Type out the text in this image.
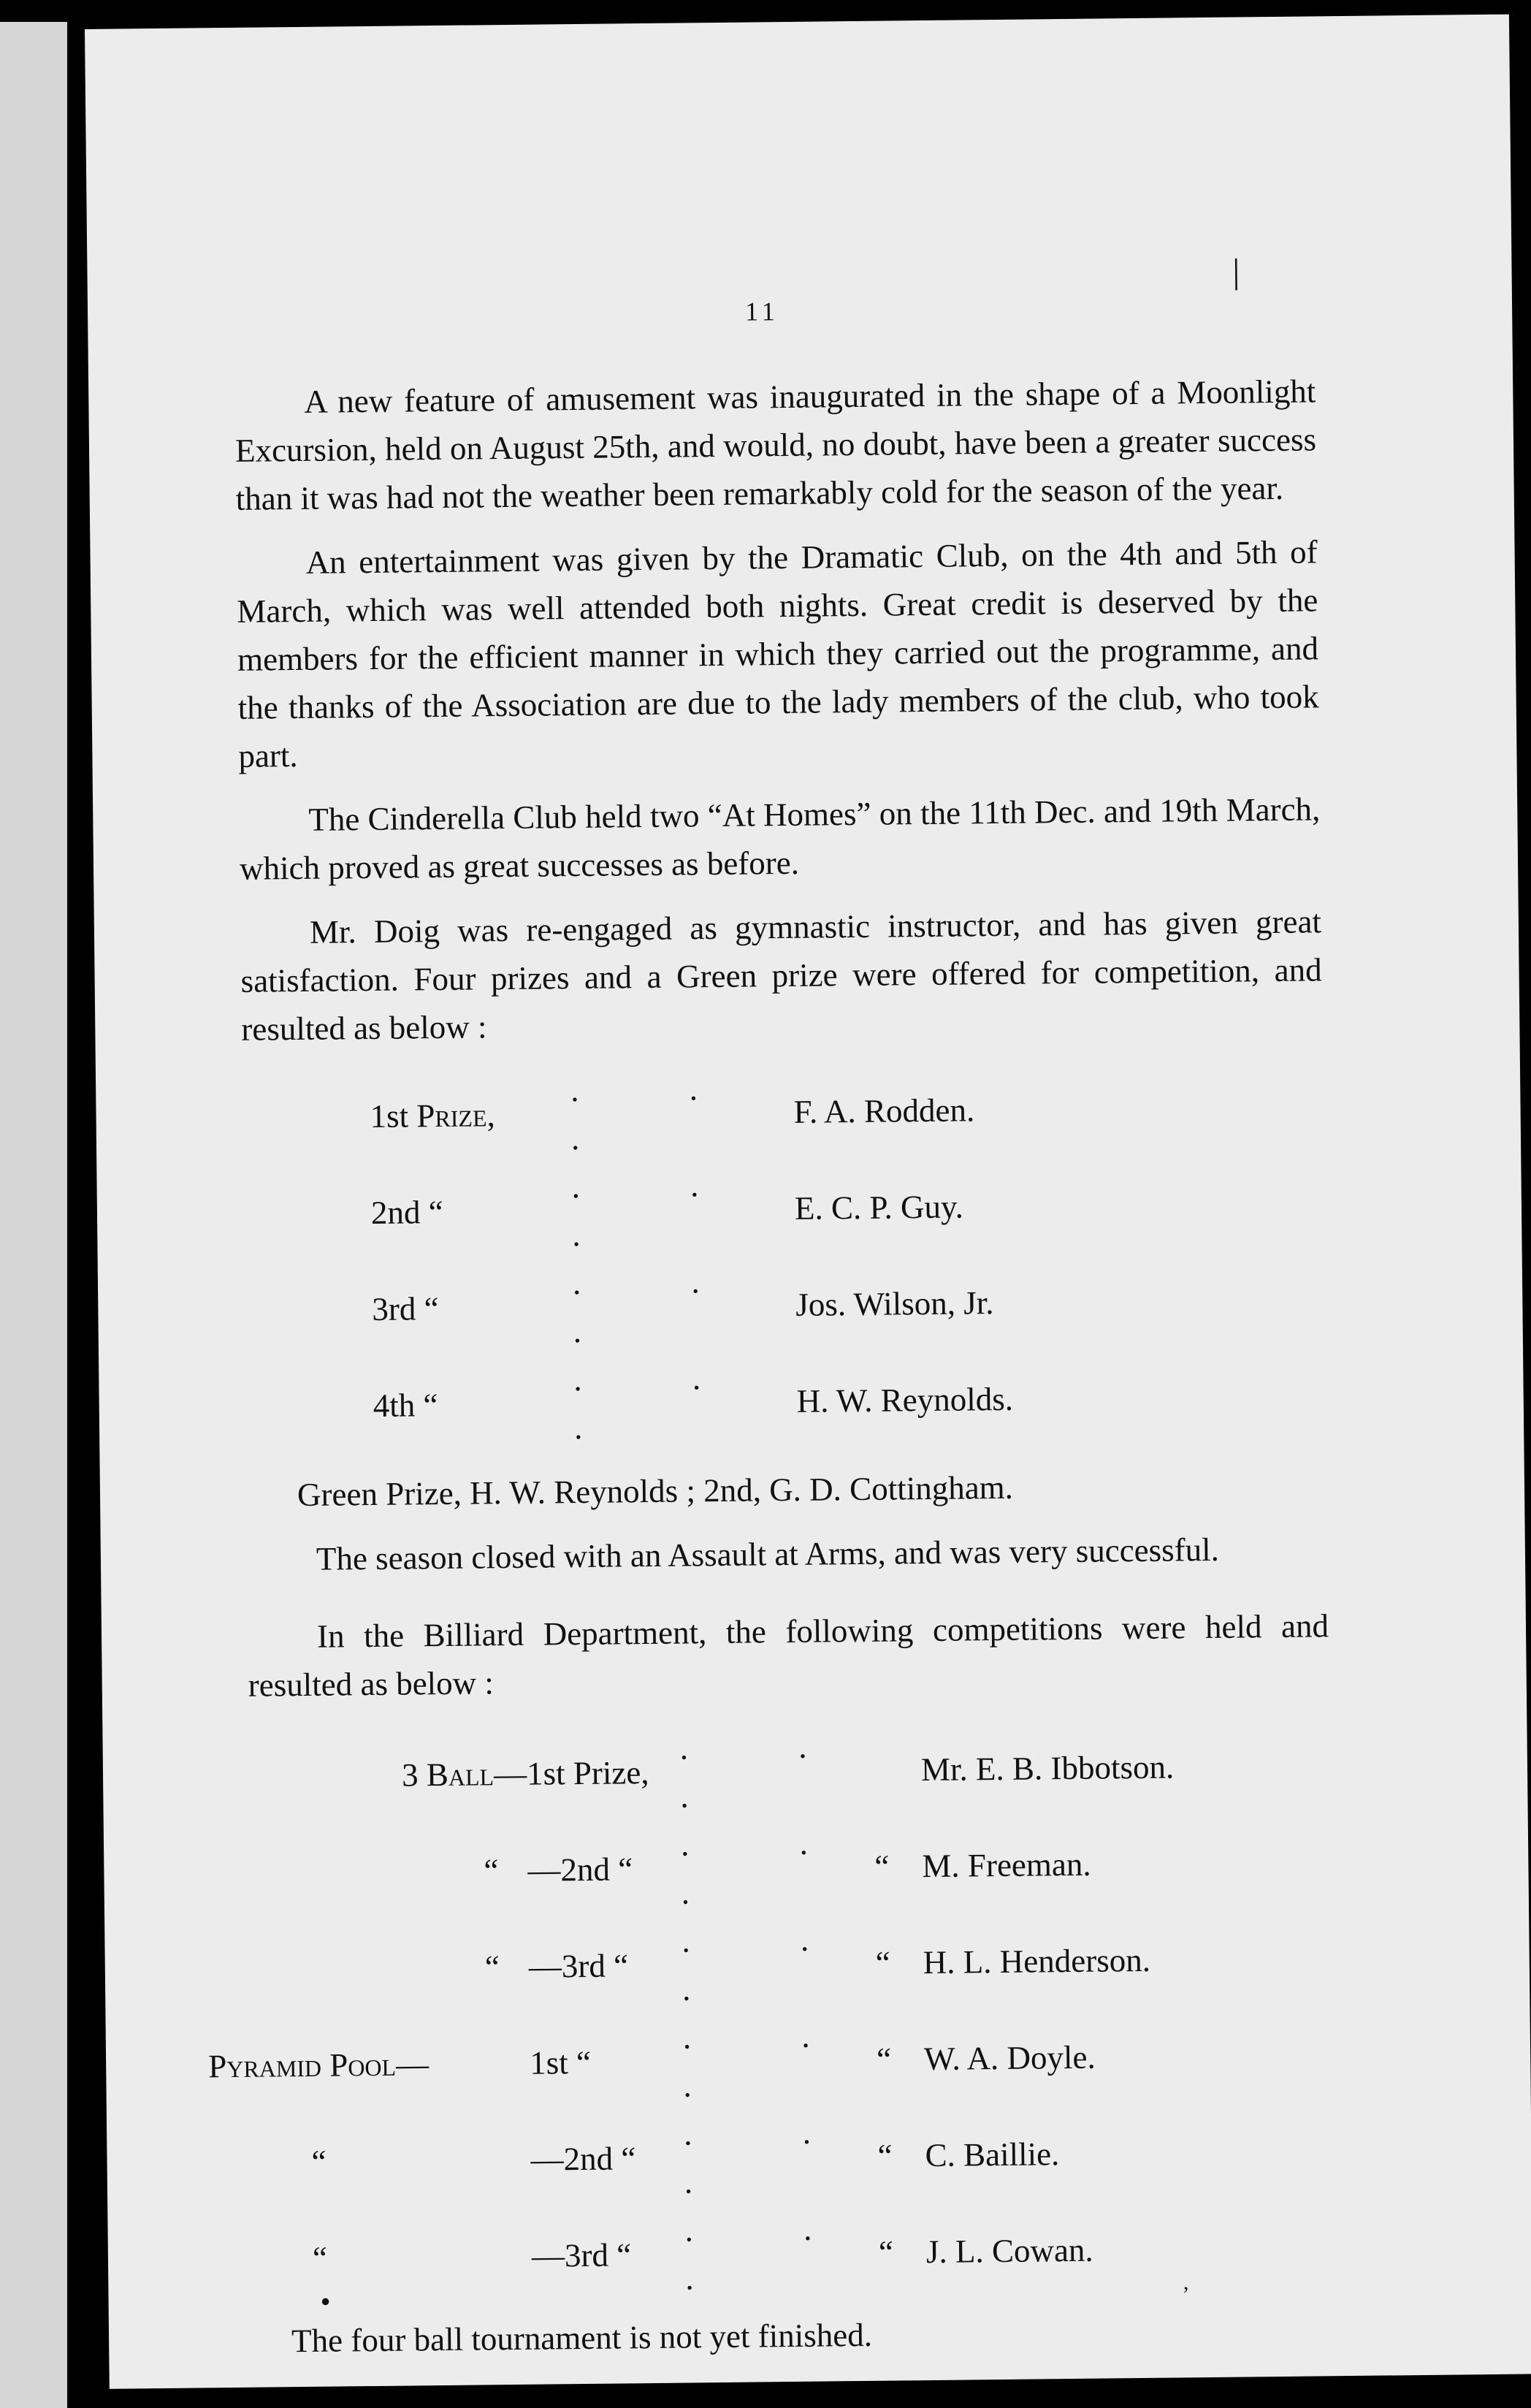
│
11

A new feature of amusement was inaugurated in the shape of a Moonlight Excursion, held on August 25th, and would, no doubt, have been a greater success than it was had not the weather been remarkably cold for the season of the year.

An entertainment was given by the Dramatic Club, on the 4th and 5th of March, which was well attended both nights. Great credit is deserved by the members for the efficient manner in which they carried out the programme, and the thanks of the Association are due to the lady members of the club, who took part.

The Cinderella Club held two “At Homes” on the 11th Dec. and 19th March, which proved as great successes as before.

Mr. Doig was re-engaged as gymnastic instructor, and has given great satisfaction. Four prizes and a Green prize were offered for competition, and resulted as below :

1st Prize,	. . .	F. A. Rodden.
2nd “	. . .	E. C. P. Guy.
3rd “	. . .	Jos. Wilson, Jr.
4th “	. . .	H. W. Reynolds.

Green Prize, H. W. Reynolds ; 2nd, G. D. Cottingham.

The season closed with an Assault at Arms, and was very successful.

In the Billiard Department, the following competitions were held and resulted as below :

3 Ball—	1st Prize,	. . .		Mr. E. B. Ibbotson.
“	—2nd “	. . .	“	M. Freeman.
“	—3rd “	. . .	“	H. L. Henderson.
Pyramid Pool—	1st “	. . .	“	W. A. Doyle.
“	—2nd “	. . .	“	C. Baillie.
“	—3rd “	. . .	“	J. L. Cowan.

The four ball tournament is not yet finished.

•	’
